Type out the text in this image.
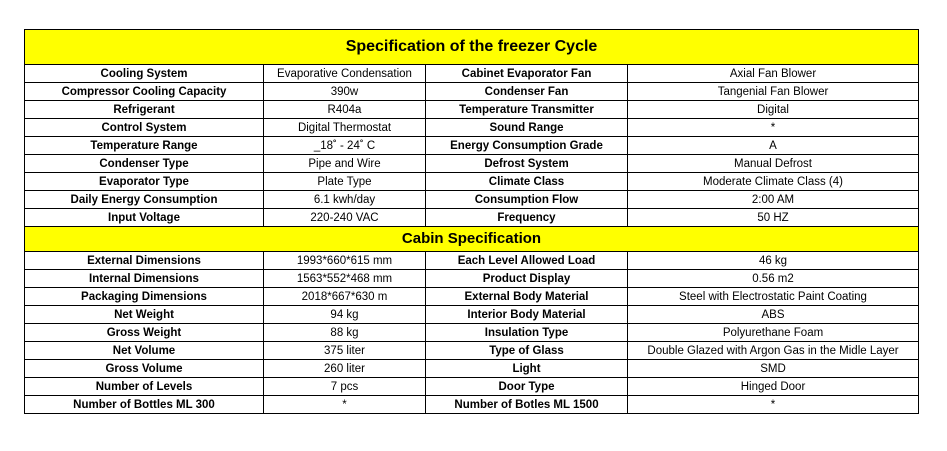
Specification of the freezer Cycle			
Cooling System	Evaporative Condensation	Cabinet Evaporator Fan	Axial Fan Blower
Compressor Cooling Capacity	390w	Condenser Fan	Tangenial Fan Blower
Refrigerant	R404a	Temperature Transmitter	Digital
Control System	Digital Thermostat	Sound Range	*
Temperature Range	_18˚ - 24˚ C	Energy Consumption Grade	A
Condenser Type	Pipe and Wire	Defrost System	Manual Defrost
Evaporator Type	Plate Type	Climate Class	Moderate Climate Class (4)
Daily Energy Consumption	6.1 kwh/day	Consumption Flow	2:00 AM
Input Voltage	220-240 VAC	Frequency	50 HZ
Cabin Specification			
External Dimensions	1993*660*615 mm	Each Level Allowed Load	46 kg
Internal Dimensions	1563*552*468 mm	Product Display	0.56 m2
Packaging Dimensions	2018*667*630 m	External Body Material	Steel with Electrostatic Paint Coating
Net Weight	94 kg	Interior Body Material	ABS
Gross Weight	88 kg	Insulation Type	Polyurethane Foam
Net Volume	375 liter	Type of Glass	Double Glazed with Argon Gas in the Midle Layer
Gross Volume	260 liter	Light	SMD
Number of Levels	7 pcs	Door Type	Hinged Door
Number of Bottles ML 300	*	Number of Botles ML 1500	*
